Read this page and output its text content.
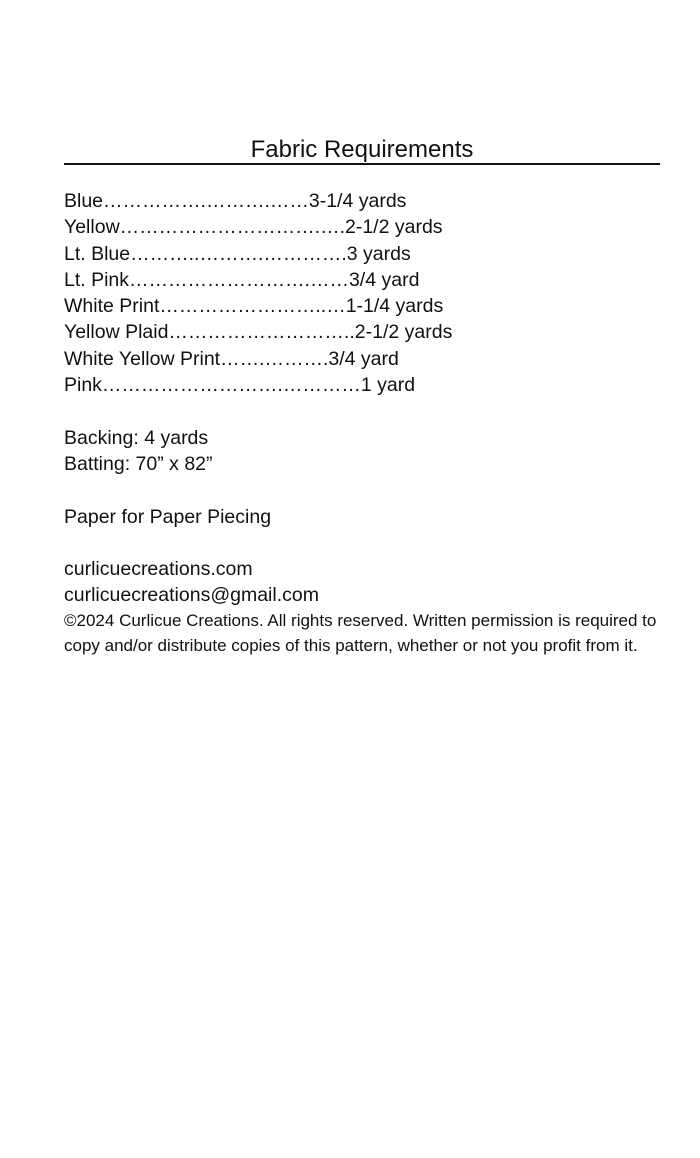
Fabric Requirements
Blue…………….……….……3-1/4 yards
Yellow………………………….….2-1/2 yards
Lt. Blue………..……….………….3 yards
Lt. Pink……………………….……3/4 yard
White Print……………………..…1-1/4 yards
Yellow Plaid………………………..2-1/2 yards
White Yellow Print…….……….3/4 yard
Pink……………………….…………1 yard
Backing: 4 yards
Batting: 70” x 82”
Paper for Paper Piecing
curlicuecreations.com
curlicuecreations@gmail.com
©2024 Curlicue Creations. All rights reserved. Written permission is required to copy and/or distribute copies of this pattern, whether or not you profit from it.
